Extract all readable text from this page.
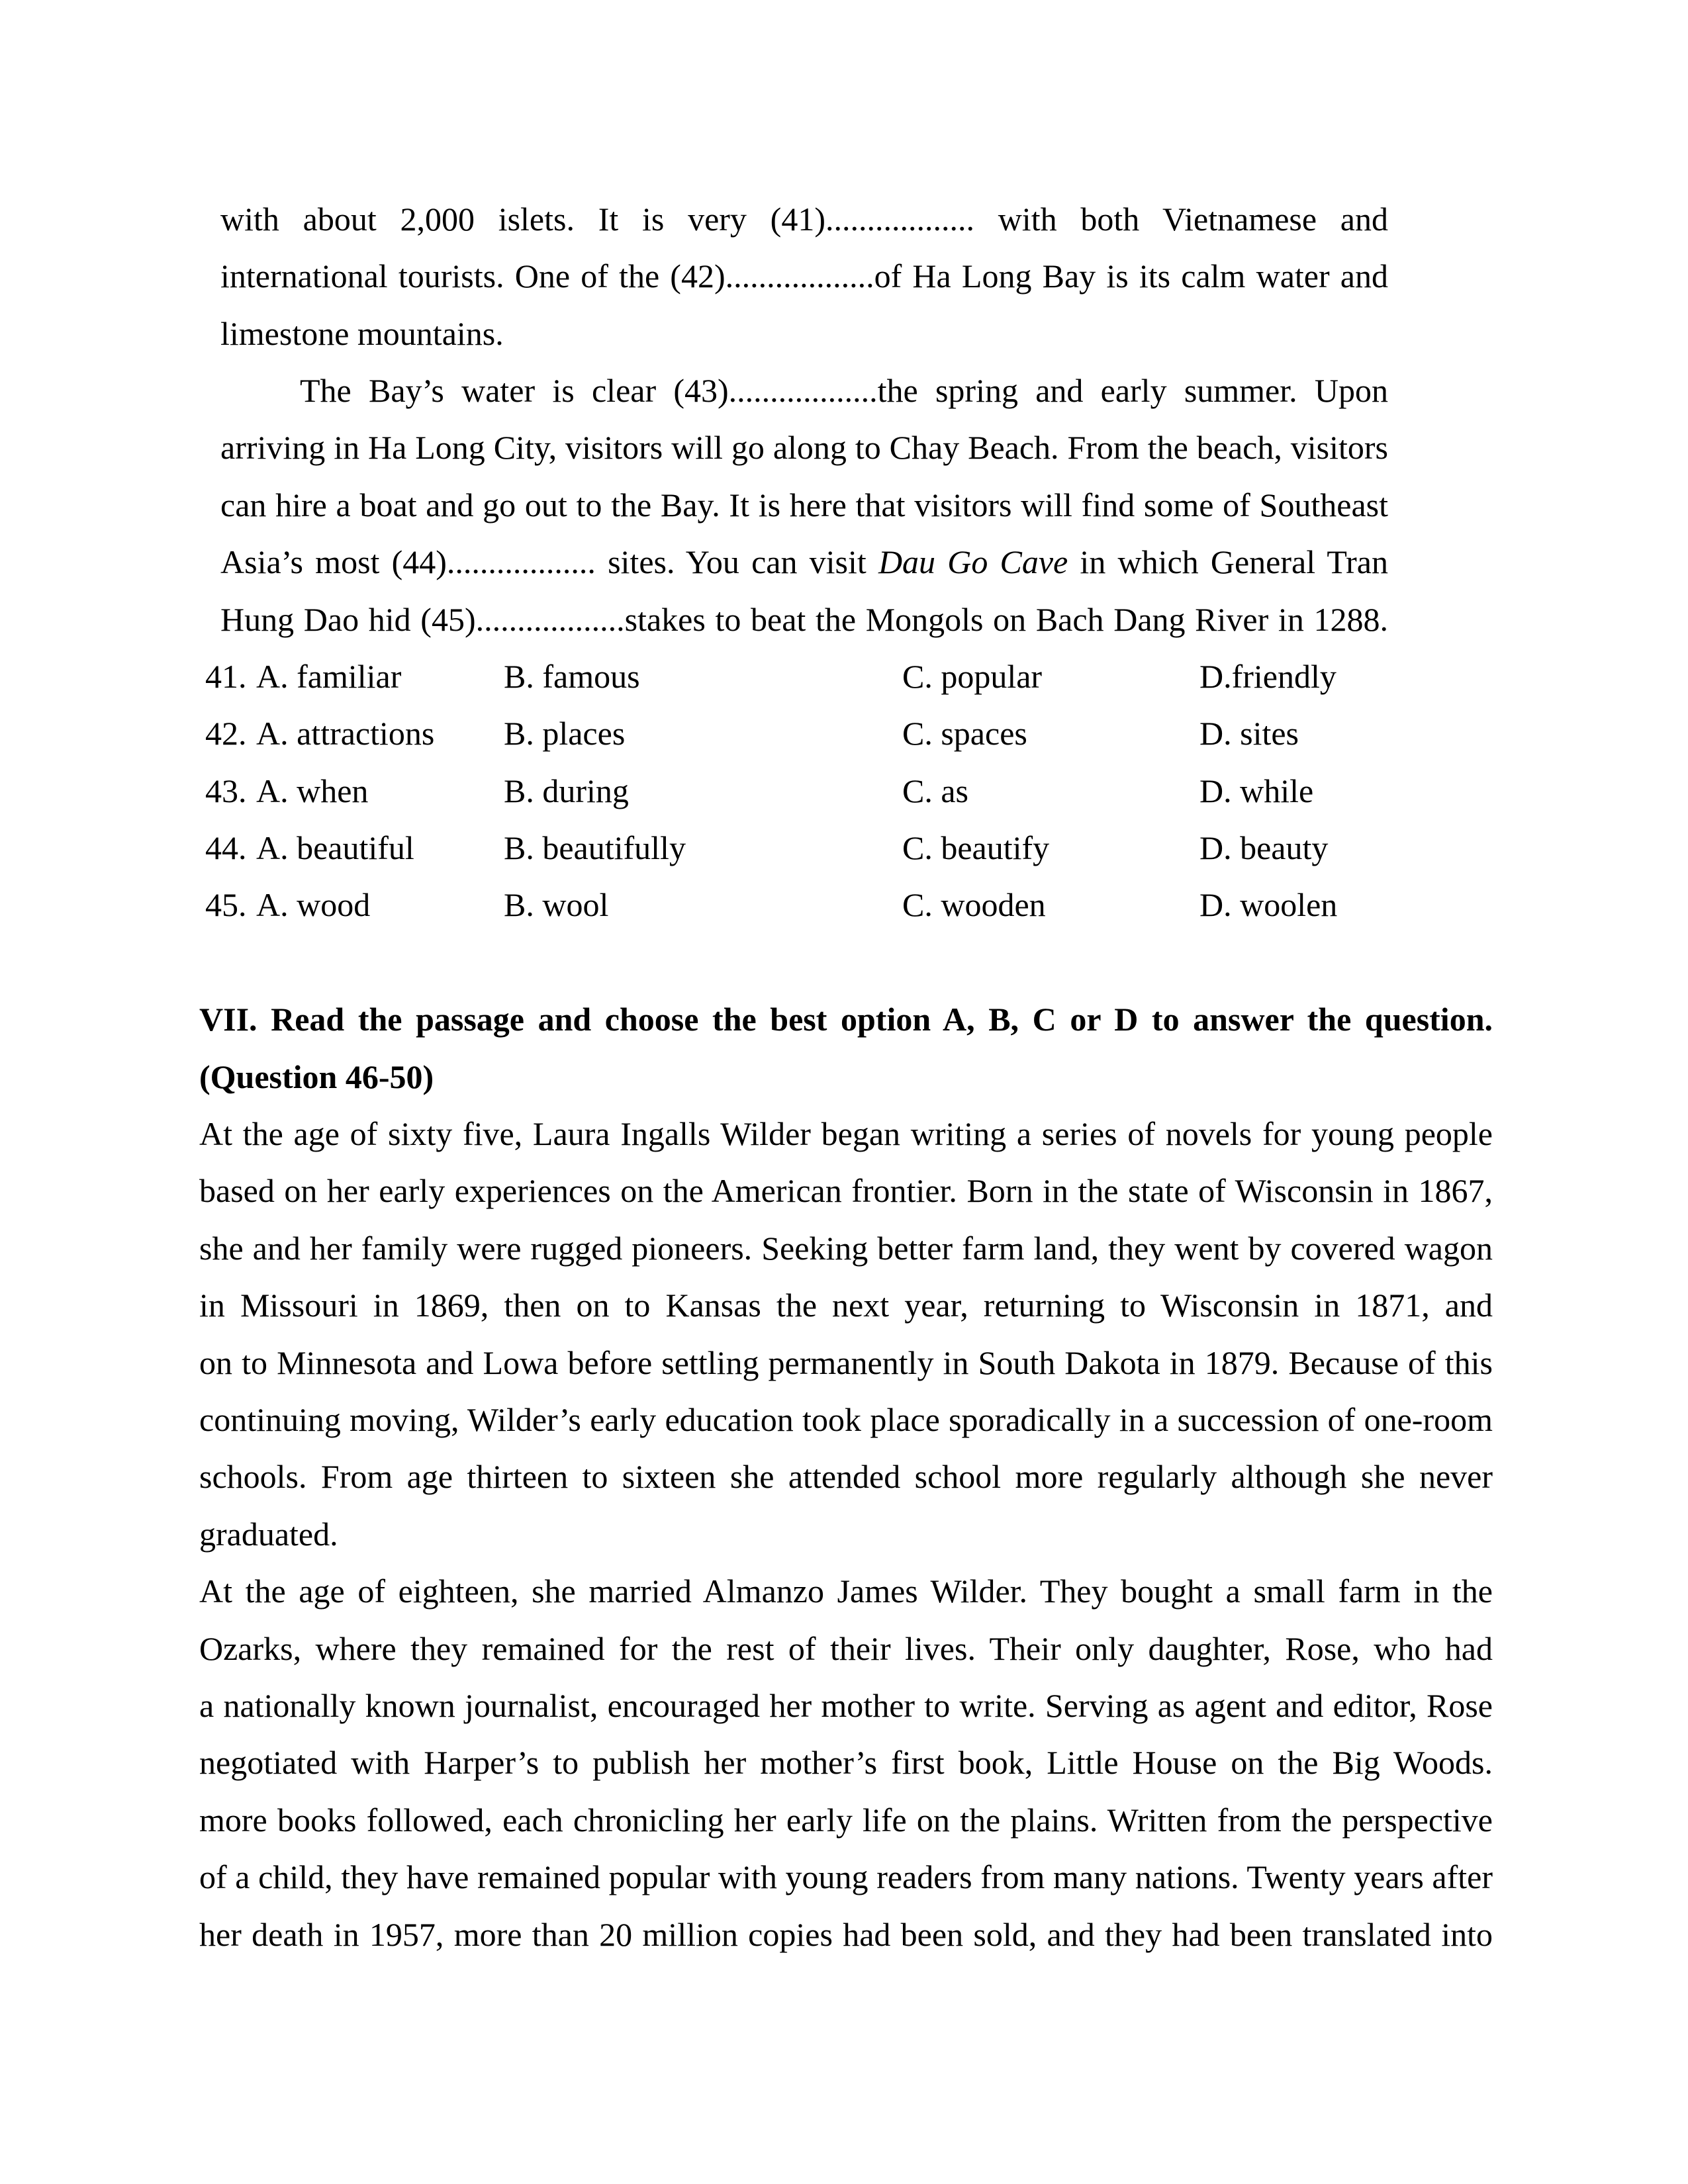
with about 2,000 islets. It is very (41).................. with both Vietnamese and
international tourists. One of the (42)..................of Ha Long Bay is its calm water and
limestone mountains.
The Bay’s water is clear (43)..................the spring and early summer. Upon
arriving in Ha Long City, visitors will go along to Chay Beach. From the beach, visitors
can hire a boat and go out to the Bay. It is here that visitors will find some of Southeast
Asia’s most (44).................. sites. You can visit Dau Go Cave in which General Tran
Hung Dao hid (45)..................stakes to beat the Mongols on Bach Dang River in 1288.
41. A. familiar	B. famous	C. popular	D.friendly
42. A. attractions B. places	C. spaces	D. sites
43. A. when	B. during	C. as	D. while
44. A. beautiful	B. beautifully	C. beautify	D. beauty
45. A. wood	B. wool	C. wooden	D. woolen
VII. Read the passage and choose the best option A, B, C or D to answer the question.
(Question 46-50)
At the age of sixty five, Laura Ingalls Wilder began writing a series of novels for young people
based on her early experiences on the American frontier. Born in the state of Wisconsin in 1867,
she and her family were rugged pioneers. Seeking better farm land, they went by covered wagon
in Missouri in 1869, then on to Kansas the next year, returning to Wisconsin in 1871, and
on to Minnesota and Lowa before settling permanently in South Dakota in 1879. Because of this
continuing moving, Wilder’s early education took place sporadically in a succession of one-room
schools. From age thirteen to sixteen she attended school more regularly although she never
graduated.
At the age of eighteen, she married Almanzo James Wilder. They bought a small farm in the
Ozarks, where they remained for the rest of their lives. Their only daughter, Rose, who had
a nationally known journalist, encouraged her mother to write. Serving as agent and editor, Rose
negotiated with Harper’s to publish her mother’s first book, Little House on the Big Woods.
more books followed, each chronicling her early life on the plains. Written from the perspective
of a child, they have remained popular with young readers from many nations. Twenty years after
her death in 1957, more than 20 million copies had been sold, and they had been translated into
